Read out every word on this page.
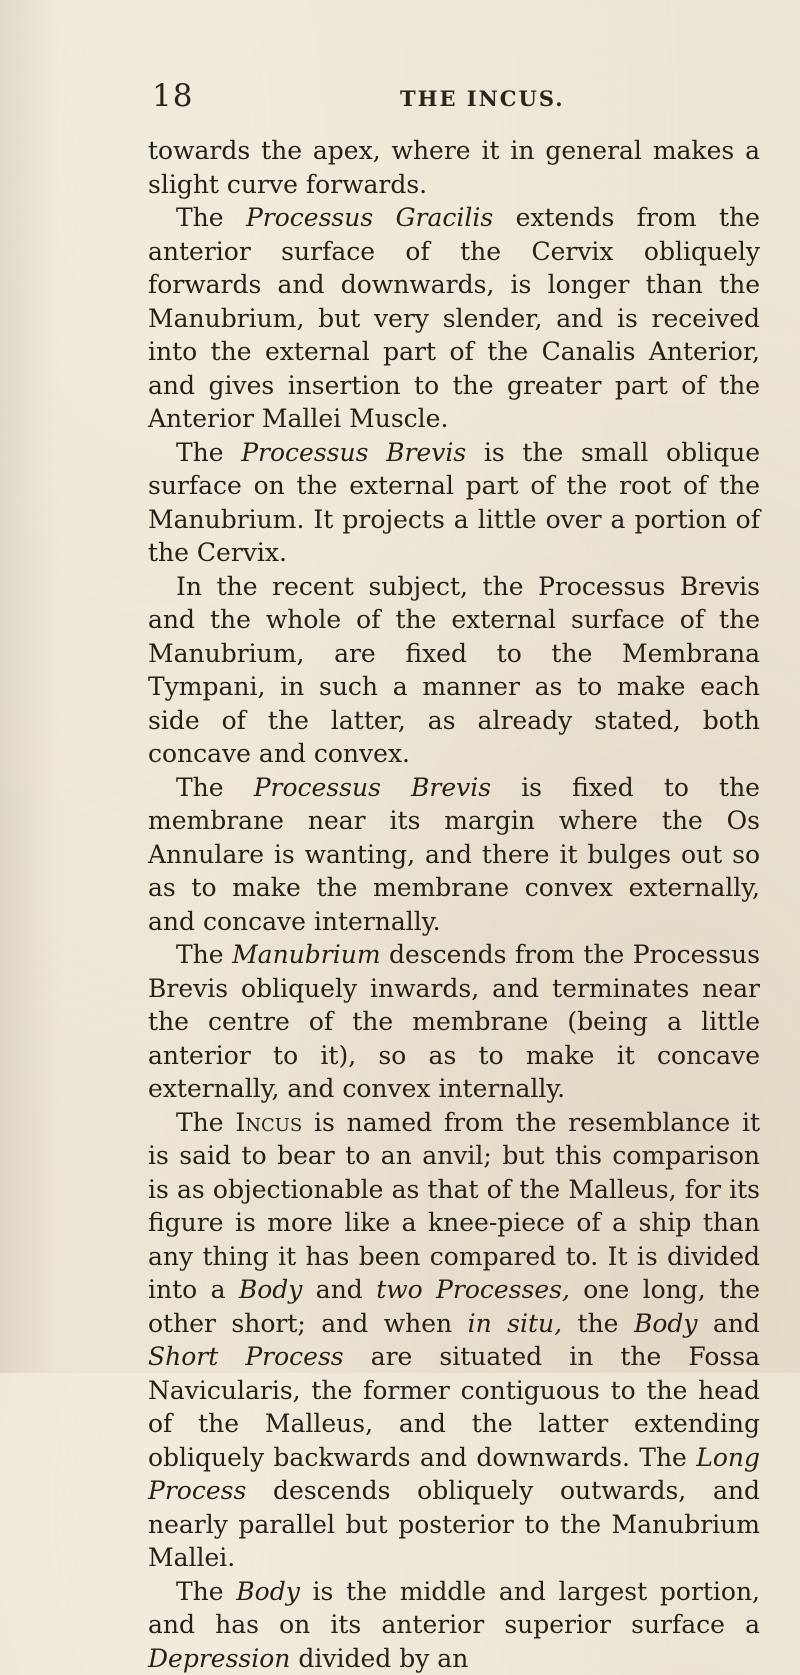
18	THE INCUS.

towards the apex, where it in general makes a slight curve forwards.

The Processus Gracilis extends from the anterior surface of the Cervix obliquely forwards and downwards, is longer than the Manubrium, but very slender, and is received into the external part of the Canalis Anterior, and gives insertion to the greater part of the Anterior Mallei Muscle.

The Processus Brevis is the small oblique surface on the external part of the root of the Manubrium. It projects a little over a portion of the Cervix.

In the recent subject, the Processus Brevis and the whole of the external surface of the Manubrium, are fixed to the Membrana Tympani, in such a manner as to make each side of the latter, as already stated, both concave and convex.

The Processus Brevis is fixed to the membrane near its margin where the Os Annulare is wanting, and there it bulges out so as to make the membrane convex externally, and concave internally.

The Manubrium descends from the Processus Brevis obliquely inwards, and terminates near the centre of the membrane (being a little anterior to it), so as to make it concave externally, and convex internally.

The Incus is named from the resemblance it is said to bear to an anvil; but this comparison is as objectionable as that of the Malleus, for its figure is more like a knee-piece of a ship than any thing it has been compared to. It is divided into a Body and two Processes, one long, the other short; and when in situ, the Body and Short Process are situated in the Fossa Navicularis, the former contiguous to the head of the Malleus, and the latter extending obliquely backwards and downwards. The Long Process descends obliquely outwards, and nearly parallel but posterior to the Manubrium Mallei.

The Body is the middle and largest portion, and has on its anterior superior surface a Depression divided by an
